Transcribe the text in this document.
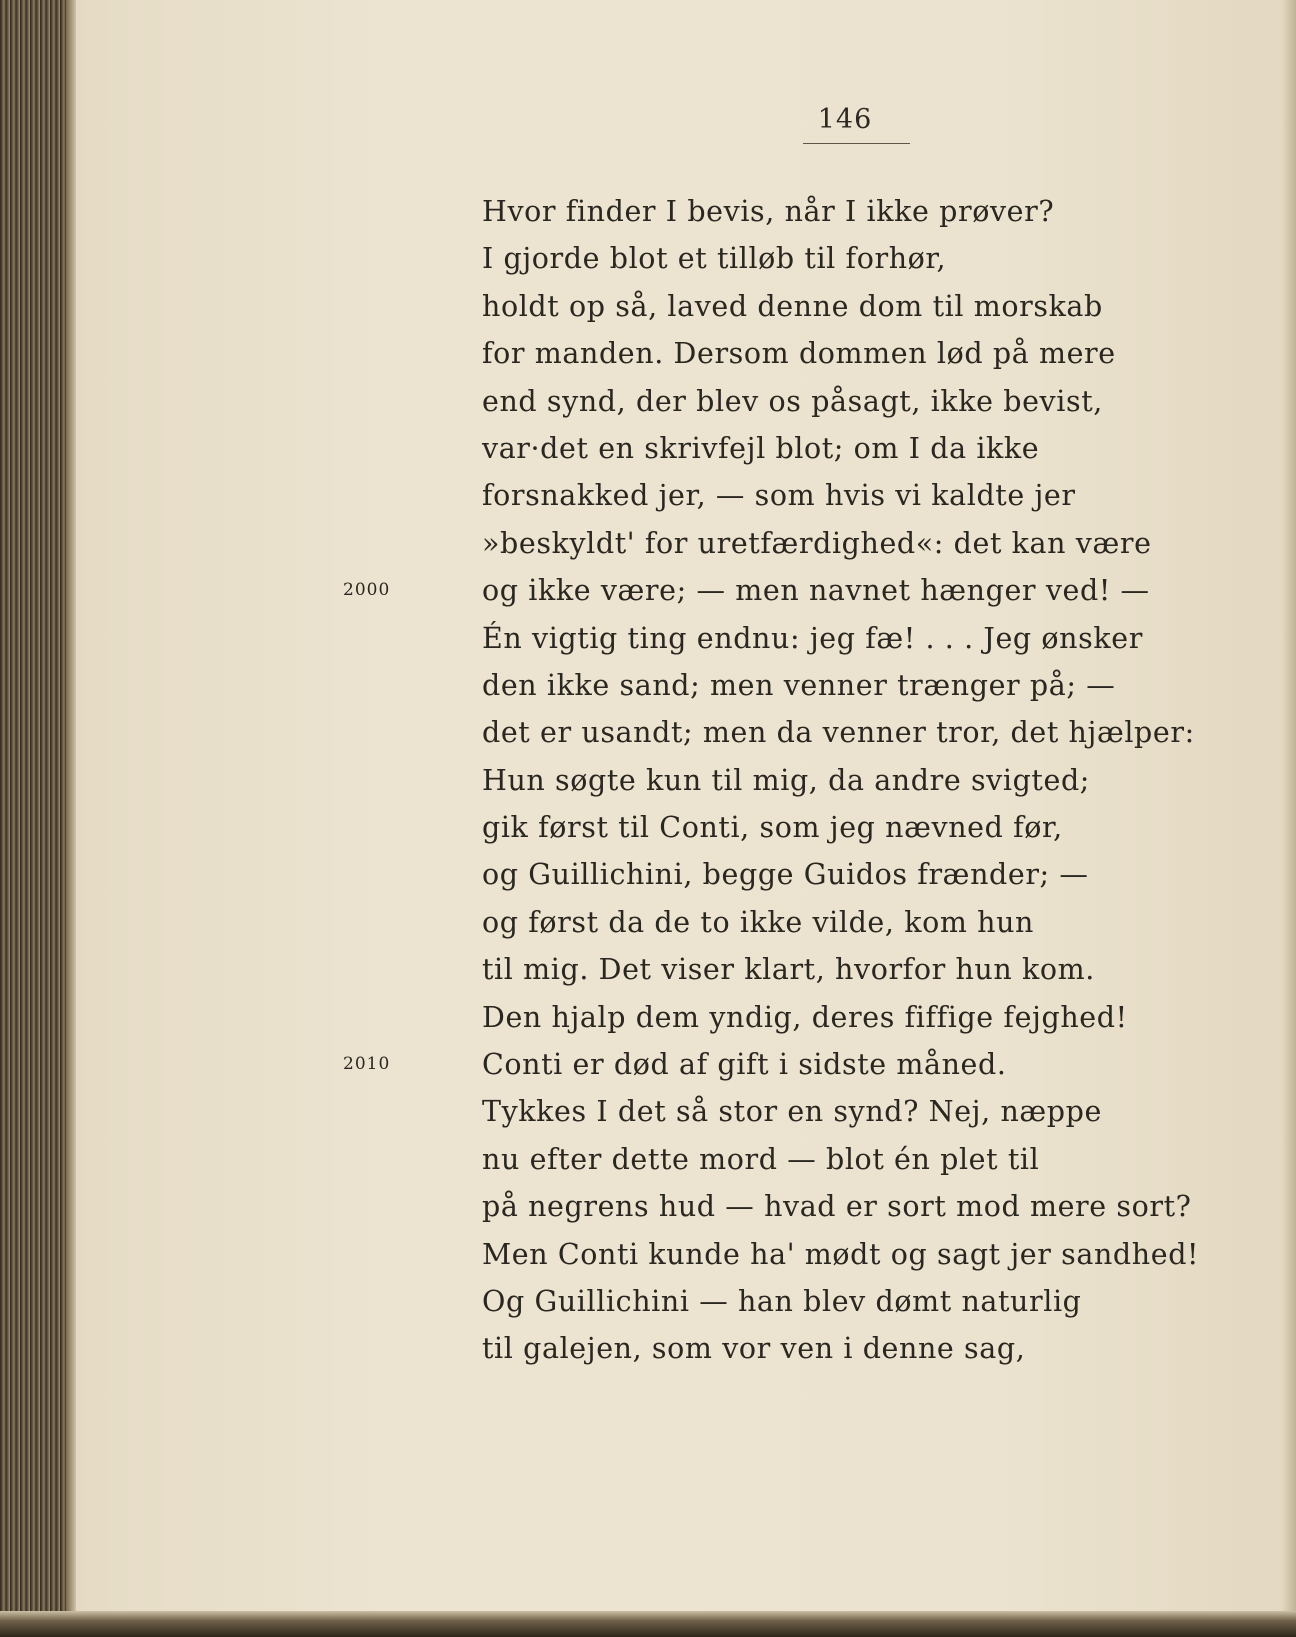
146
Hvor finder I bevis, når I ikke prøver?
I gjorde blot et tilløb til forhør,
holdt op så, laved denne dom til morskab
for manden. Dersom dommen lød på mere
end synd, der blev os påsagt, ikke bevist,
var·det en skrivfejl blot; om I da ikke
forsnakked jer, — som hvis vi kaldte jer
»beskyldt' for uretfærdighed«: det kan være
og ikke være; — men navnet hænger ved! —
Én vigtig ting endnu: jeg fæ! . . . Jeg ønsker
den ikke sand; men venner trænger på; —
det er usandt; men da venner tror, det hjælper:
Hun søgte kun til mig, da andre svigted;
gik først til Conti, som jeg nævned før,
og Guillichini, begge Guidos frænder; —
og først da de to ikke vilde, kom hun
til mig. Det viser klart, hvorfor hun kom.
Den hjalp dem yndig, deres fiffige fejghed!
Conti er død af gift i sidste måned.
Tykkes I det så stor en synd? Nej, næppe
nu efter dette mord — blot én plet til
på negrens hud — hvad er sort mod mere sort?
Men Conti kunde ha' mødt og sagt jer sandhed!
Og Guillichini — han blev dømt naturlig
til galejen, som vor ven i denne sag,
2000
2010
